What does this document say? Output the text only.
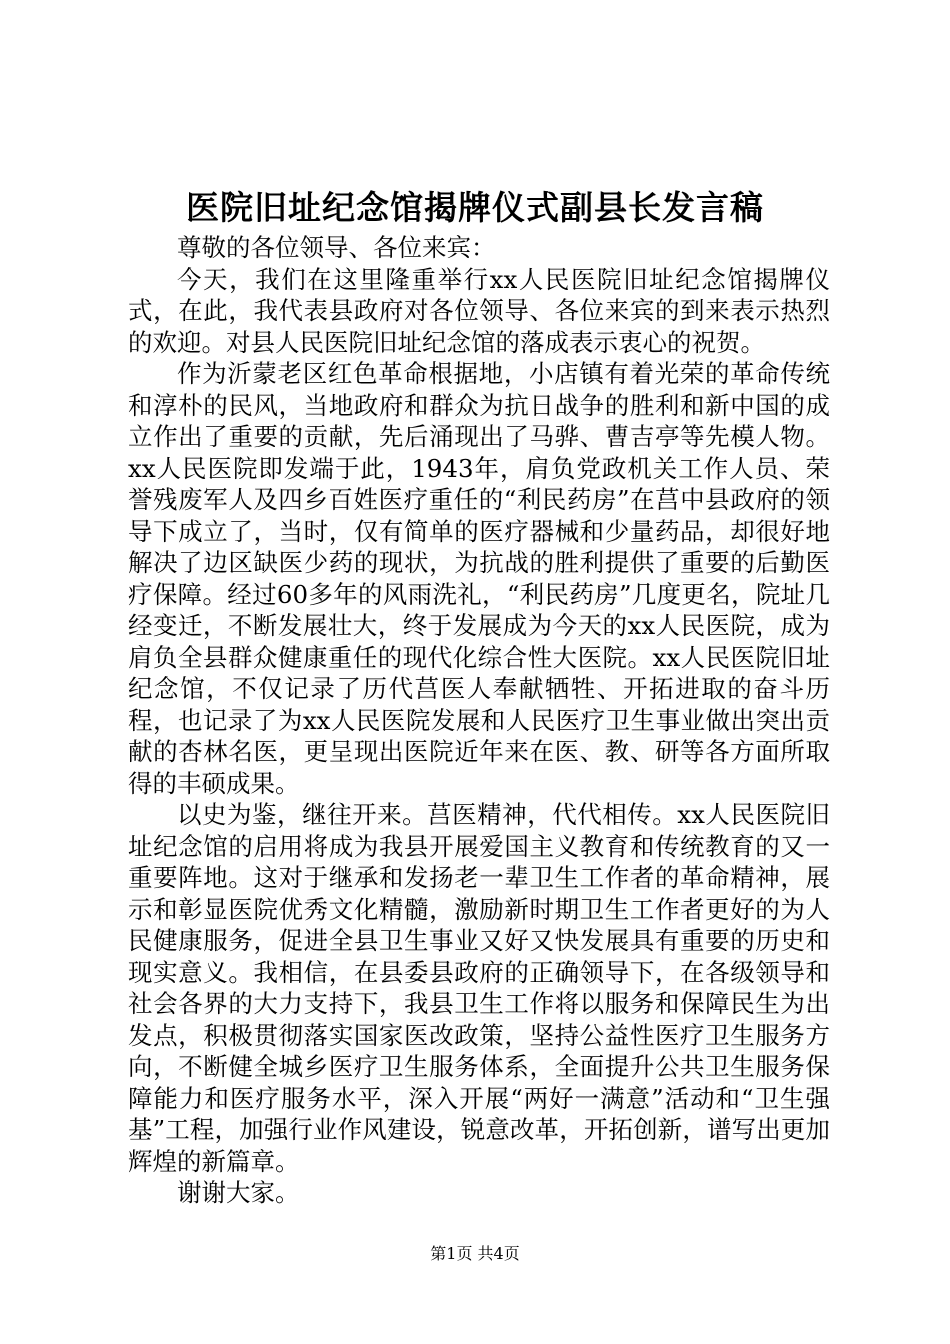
医院旧址纪念馆揭牌仪式副县长发言稿

尊敬的各位领导、各位来宾：

今天，我们在这里隆重举行xx人民医院旧址纪念馆揭牌仪式，在此，我代表县政府对各位领导、各位来宾的到来表示热烈的欢迎。对县人民医院旧址纪念馆的落成表示衷心的祝贺。

作为沂蒙老区红色革命根据地，小店镇有着光荣的革命传统和淳朴的民风，当地政府和群众为抗日战争的胜利和新中国的成立作出了重要的贡献，先后涌现出了马骅、曹吉亭等先模人物。xx人民医院即发端于此，1943年，肩负党政机关工作人员、荣誉残废军人及四乡百姓医疗重任的“利民药房”在莒中县政府的领导下成立了，当时，仅有简单的医疗器械和少量药品，却很好地解决了边区缺医少药的现状，为抗战的胜利提供了重要的后勤医疗保障。经过60多年的风雨洗礼，“利民药房”几度更名，院址几经变迁，不断发展壮大，终于发展成为今天的xx人民医院，成为肩负全县群众健康重任的现代化综合性大医院。xx人民医院旧址纪念馆，不仅记录了历代莒医人奉献牺牲、开拓进取的奋斗历程，也记录了为xx人民医院发展和人民医疗卫生事业做出突出贡献的杏林名医，更呈现出医院近年来在医、教、研等各方面所取得的丰硕成果。

以史为鉴，继往开来。莒医精神，代代相传。xx人民医院旧址纪念馆的启用将成为我县开展爱国主义教育和传统教育的又一重要阵地。这对于继承和发扬老一辈卫生工作者的革命精神，展示和彰显医院优秀文化精髓，激励新时期卫生工作者更好的为人民健康服务，促进全县卫生事业又好又快发展具有重要的历史和现实意义。我相信，在县委县政府的正确领导下，在各级领导和社会各界的大力支持下，我县卫生工作将以服务和保障民生为出发点，积极贯彻落实国家医改政策，坚持公益性医疗卫生服务方向，不断健全城乡医疗卫生服务体系，全面提升公共卫生服务保障能力和医疗服务水平，深入开展“两好一满意”活动和“卫生强基”工程，加强行业作风建设，锐意改革，开拓创新，谱写出更加辉煌的新篇章。

谢谢大家。

第1页 共4页
